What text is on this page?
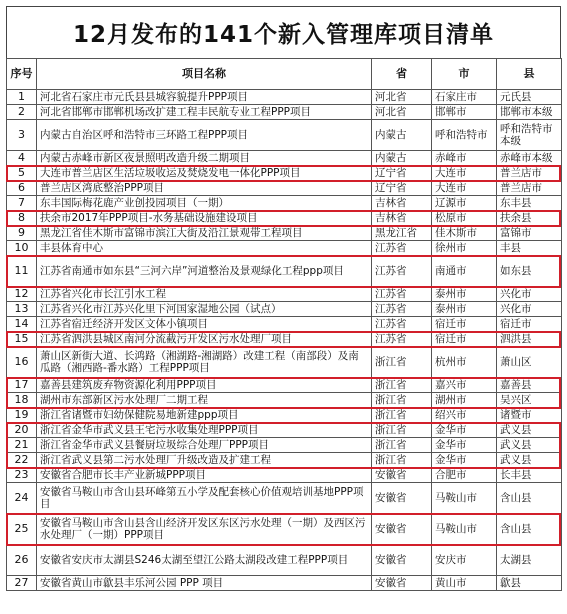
12月发布的141个新入管理库项目清单
序号	项目名称	省	市	县
1	河北省石家庄市元氏县县城容貌提升PPP项目	河北省	石家庄市	元氏县
2	河北省邯郸市邯郸机场改扩建工程丰民航专业工程PPP项目	河北省	邯郸市	邯郸市本级
3	内蒙古自治区呼和浩特市三环路工程PPP项目	内蒙古	呼和浩特市	呼和浩特市本级
4	内蒙古赤峰市新区夜景照明改造升级二期项目	内蒙古	赤峰市	赤峰市本级
5	大连市普兰店区生活垃圾收运及焚烧发电一体化PPP项目	辽宁省	大连市	普兰店市
6	普兰店区湾底整治PPP项目	辽宁省	大连市	普兰店市
7	东丰国际梅花鹿产业创投园项目（一期）	吉林省	辽源市	东丰县
8	扶余市2017年PPP项目-水务基础设施建设项目	吉林省	松原市	扶余县
9	黑龙江省佳木斯市富锦市滨江大街及沿江景观带工程项目	黑龙江省	佳木斯市	富锦市
10	丰县体育中心	江苏省	徐州市	丰县
11	江苏省南通市如东县“三河六岸”河道整治及景观绿化工程ppp项目	江苏省	南通市	如东县
12	江苏省兴化市长江引水工程	江苏省	泰州市	兴化市
13	江苏省兴化市江苏兴化里下河国家湿地公园（试点）	江苏省	泰州市	兴化市
14	江苏省宿迁经济开发区文体小镇项目	江苏省	宿迁市	宿迁市
15	江苏省泗洪县城区南河分流截污开发区污水处理厂项目	江苏省	宿迁市	泗洪县
16	萧山区新街大道、长鸿路（湘湖路-湘湖路）改建工程（南部段）及南瓜路（湘西路-番水路）工程PPP项目	浙江省	杭州市	萧山区
17	嘉善县建筑废弃物资源化利用PPP项目	浙江省	嘉兴市	嘉善县
18	湖州市东部新区污水处理厂二期工程	浙江省	湖州市	吴兴区
19	浙江省诸暨市妇幼保健院易地新建ppp项目	浙江省	绍兴市	诸暨市
20	浙江省金华市武义县王宅污水收集处理PPP项目	浙江省	金华市	武义县
21	浙江省金华市武义县餐厨垃圾综合处理厂PPP项目	浙江省	金华市	武义县
22	浙江省武义县第二污水处理厂升级改造及扩建工程	浙江省	金华市	武义县
23	安徽省合肥市长丰产业新城PPP项目	安徽省	合肥市	长丰县
24	安徽省马鞍山市含山县环峰第五小学及配套核心价值观培训基地PPP项目	安徽省	马鞍山市	含山县
25	安徽省马鞍山市含山县含山经济开发区东区污水处理（一期）及西区污水处理厂（一期）PPP项目	安徽省	马鞍山市	含山县
26	安徽省安庆市太湖县S246太湖至望江公路太湖段改建工程PPP项目	安徽省	安庆市	太湖县
27	安徽省黄山市歙县丰乐河公园 PPP 项目	安徽省	黄山市	歙县
